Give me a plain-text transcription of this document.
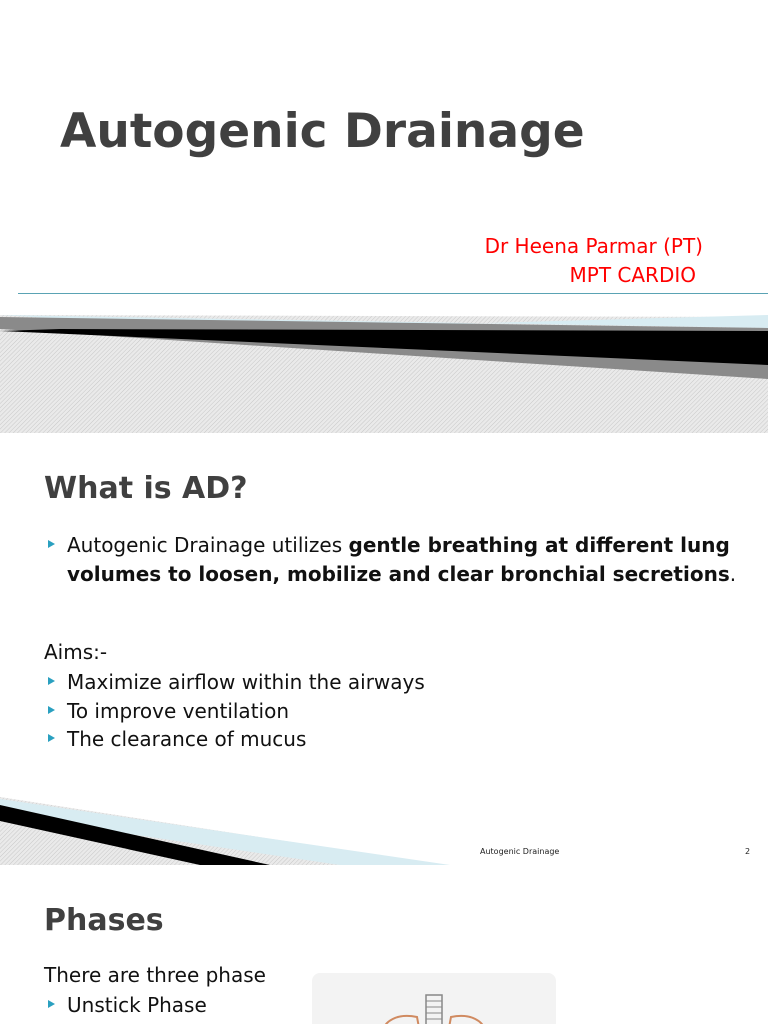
Autogenic Drainage
Dr Heena Parmar (PT)
MPT CARDIO
What is AD?
Autogenic Drainage utilizes gentle breathing at different lung volumes to loosen, mobilize and clear bronchial secretions.
Aims:-
Maximize airflow within the airways
To improve ventilation
The clearance of mucus
Autogenic Drainage	2
Phases
There are three phase
Unstick Phase
